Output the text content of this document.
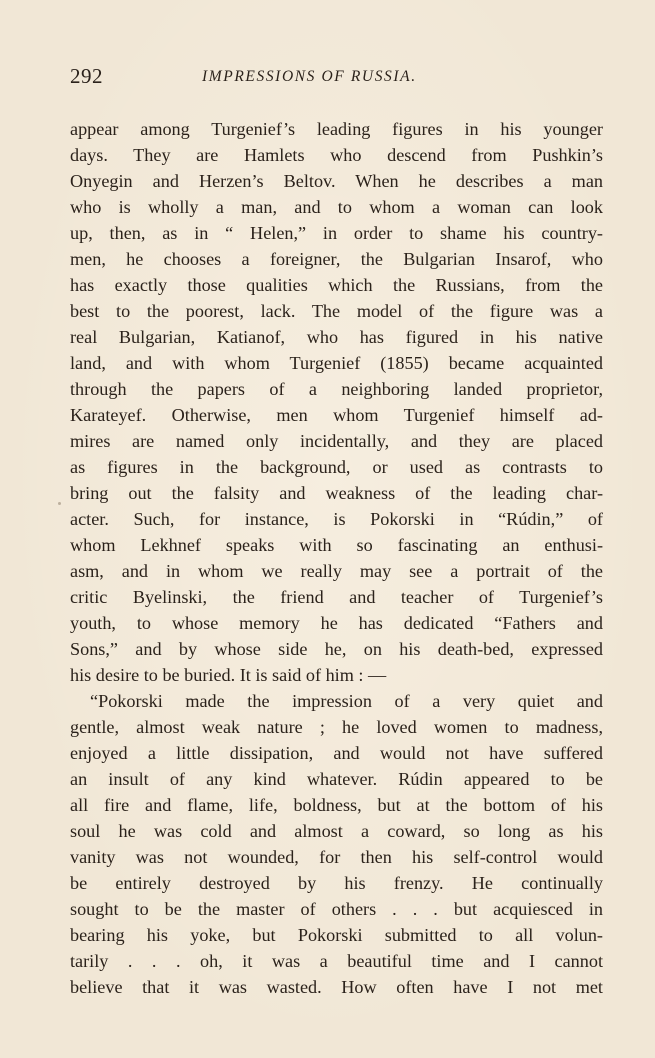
292	IMPRESSIONS OF RUSSIA.
appear among Turgenief’s leading figures in his younger
days. They are Hamlets who descend from Pushkin’s
Onyegin and Herzen’s Beltov. When he describes a man
who is wholly a man, and to whom a woman can look
up, then, as in “ Helen,” in order to shame his country-
men, he chooses a foreigner, the Bulgarian Insarof, who
has exactly those qualities which the Russians, from the
best to the poorest, lack. The model of the figure was a
real Bulgarian, Katianof, who has figured in his native
land, and with whom Turgenief (1855) became acquainted
through the papers of a neighboring landed proprietor,
Karateyef. Otherwise, men whom Turgenief himself ad-
mires are named only incidentally, and they are placed
as figures in the background, or used as contrasts to
bring out the falsity and weakness of the leading char-
acter. Such, for instance, is Pokorski in “Rúdin,” of
whom Lekhnef speaks with so fascinating an enthusi-
asm, and in whom we really may see a portrait of the
critic Byelinski, the friend and teacher of Turgenief’s
youth, to whose memory he has dedicated “Fathers and
Sons,” and by whose side he, on his death-bed, expressed
his desire to be buried. It is said of him : —
“Pokorski made the impression of a very quiet and
gentle, almost weak nature ; he loved women to madness,
enjoyed a little dissipation, and would not have suffered
an insult of any kind whatever. Rúdin appeared to be
all fire and flame, life, boldness, but at the bottom of his
soul he was cold and almost a coward, so long as his
vanity was not wounded, for then his self-control would
be entirely destroyed by his frenzy. He continually
sought to be the master of others . . . but acquiesced in
bearing his yoke, but Pokorski submitted to all volun-
tarily . . . oh, it was a beautiful time and I cannot
believe that it was wasted. How often have I not met
